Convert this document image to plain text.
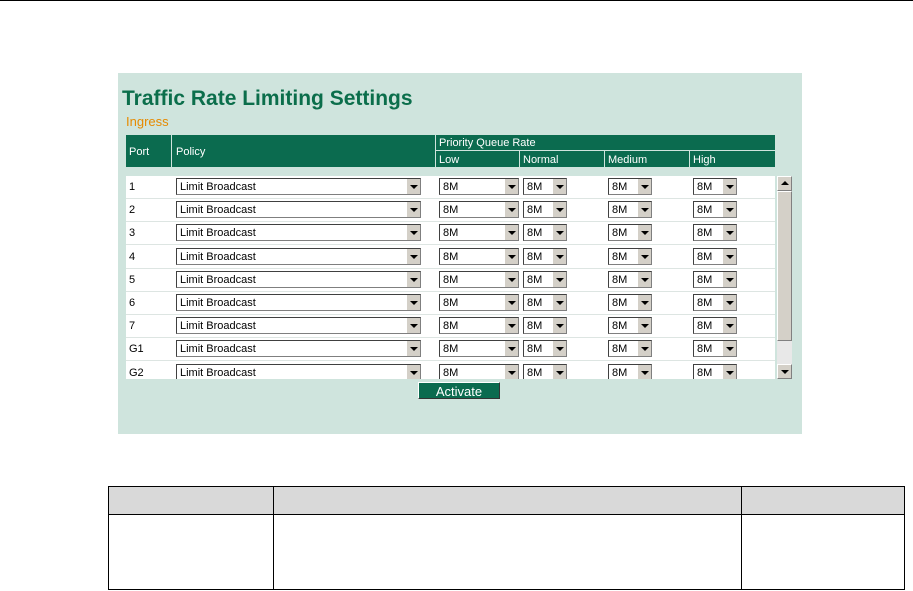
Traffic Rate Limiting Settings
Ingress
Port Policy
Priority Queue Rate
Low	Normal	Medium	High
1	Limit Broadcast	8M	8M	8M	8M
2	Limit Broadcast	8M	8M	8M	8M
3	Limit Broadcast	8M	8M	8M	8M
4	Limit Broadcast	8M	8M	8M	8M
5	Limit Broadcast	8M	8M	8M	8M
6	Limit Broadcast	8M	8M	8M	8M
7	Limit Broadcast	8M	8M	8M	8M
G1	Limit Broadcast	8M	8M	8M	8M
G2	Limit Broadcast	8M	8M	8M	8M
Activate
